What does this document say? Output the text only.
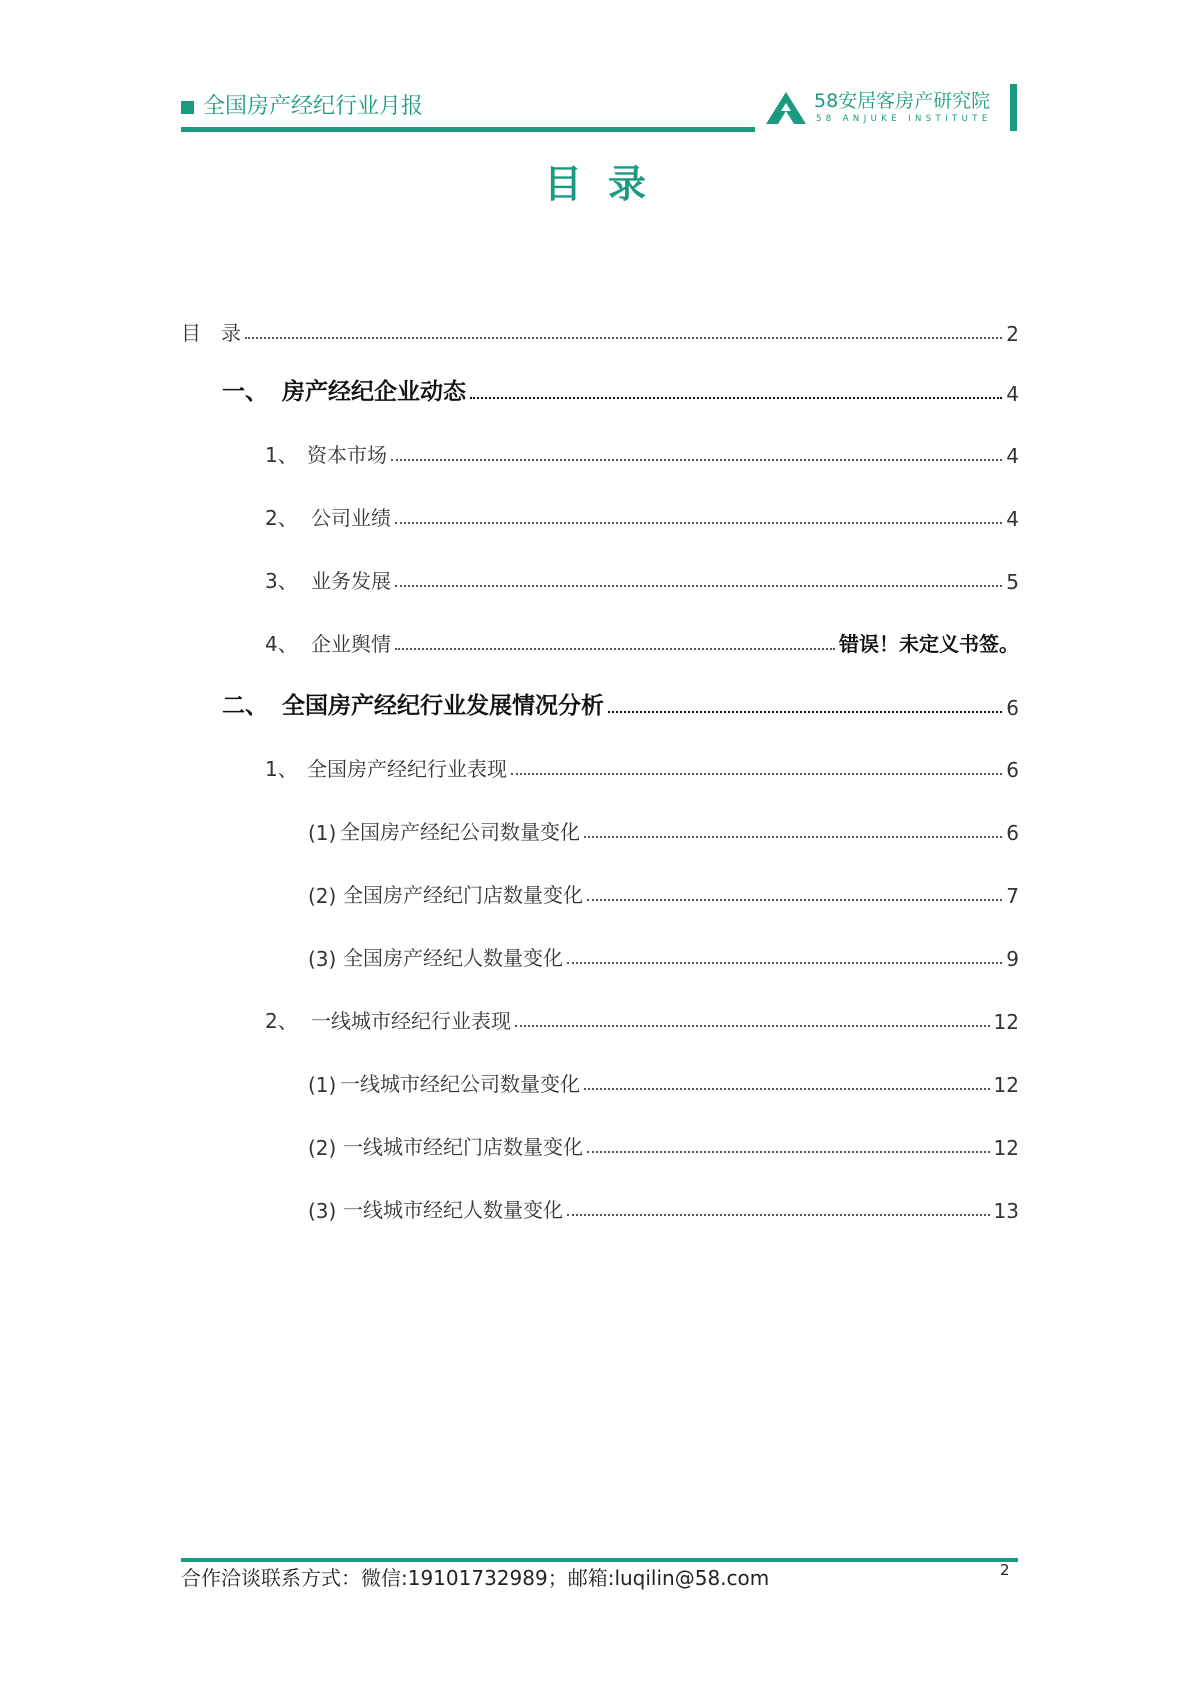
全国房产经纪行业月报	58安居客房产研究院
58 ANJUKE INSTITUTE
目录
目　录	2
一、 房产经纪企业动态	4
1、 资本市场	4
2、 公司业绩	4
3、 业务发展	5
4、 企业舆情	错误！未定义书签。
二、 全国房产经纪行业发展情况分析	6
1、 全国房产经纪行业表现	6
(1) 全国房产经纪公司数量变化	6
(2) 全国房产经纪门店数量变化	7
(3) 全国房产经纪人数量变化	9
2、 一线城市经纪行业表现	12
(1) 一线城市经纪公司数量变化	12
(2) 一线城市经纪门店数量变化	12
(3) 一线城市经纪人数量变化	13
合作洽谈联系方式：微信:19101732989；邮箱:luqilin@58.com	2
